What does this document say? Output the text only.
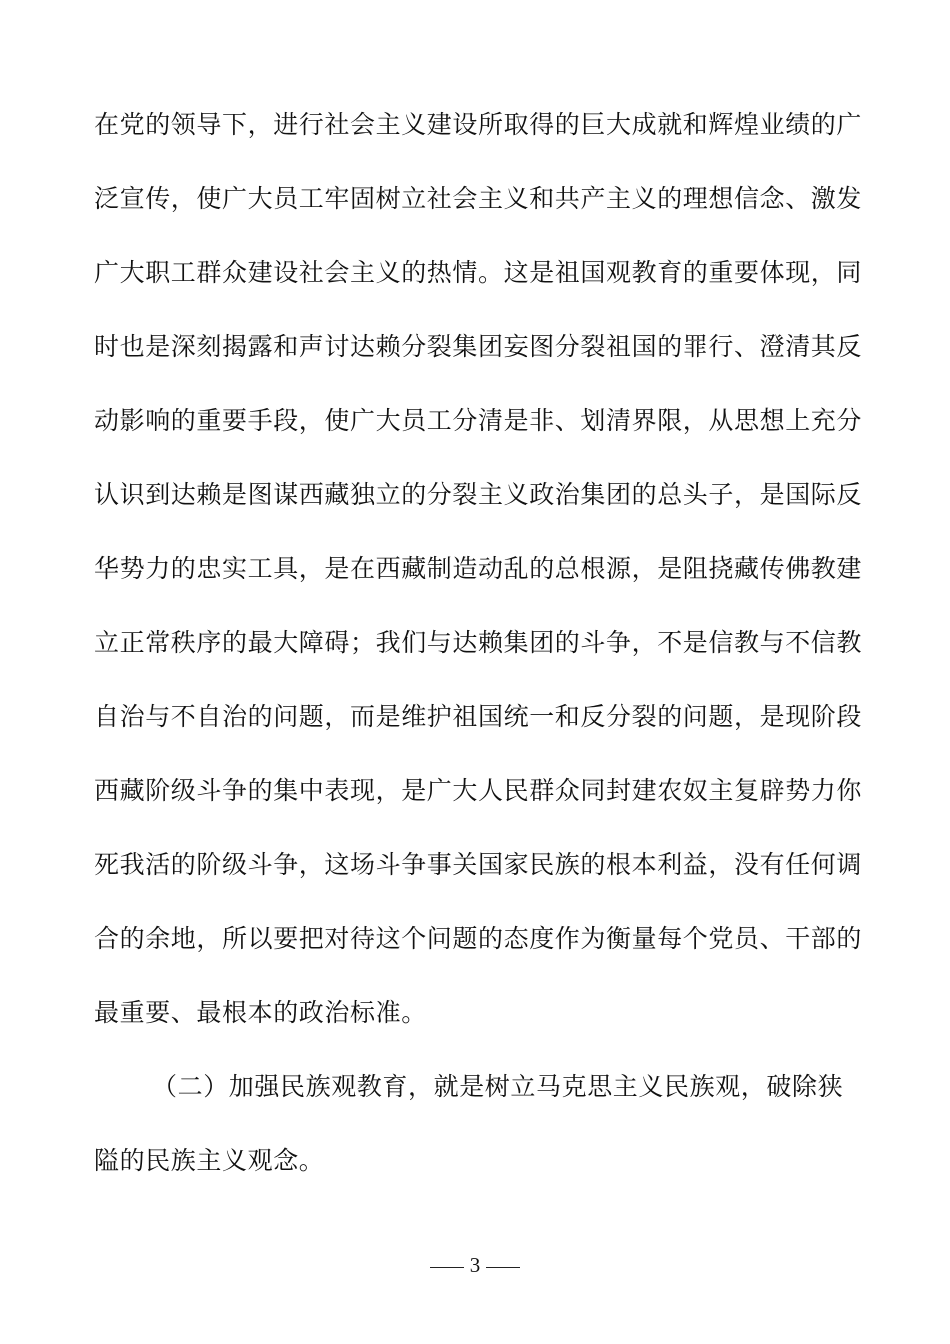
在党的领导下，进行社会主义建设所取得的巨大成就和辉煌业绩的广
泛宣传，使广大员工牢固树立社会主义和共产主义的理想信念、激发
广大职工群众建设社会主义的热情。这是祖国观教育的重要体现，同
时也是深刻揭露和声讨达赖分裂集团妄图分裂祖国的罪行、澄清其反
动影响的重要手段，使广大员工分清是非、划清界限，从思想上充分
认识到达赖是图谋西藏独立的分裂主义政治集团的总头子，是国际反
华势力的忠实工具，是在西藏制造动乱的总根源，是阻挠藏传佛教建
立正常秩序的最大障碍；我们与达赖集团的斗争，不是信教与不信教
自治与不自治的问题，而是维护祖国统一和反分裂的问题，是现阶段
西藏阶级斗争的集中表现，是广大人民群众同封建农奴主复辟势力你
死我活的阶级斗争，这场斗争事关国家民族的根本利益，没有任何调
合的余地，所以要把对待这个问题的态度作为衡量每个党员、干部的
最重要、最根本的政治标准。
（二）加强民族观教育，就是树立马克思主义民族观，破除狭
隘的民族主义观念。
3
